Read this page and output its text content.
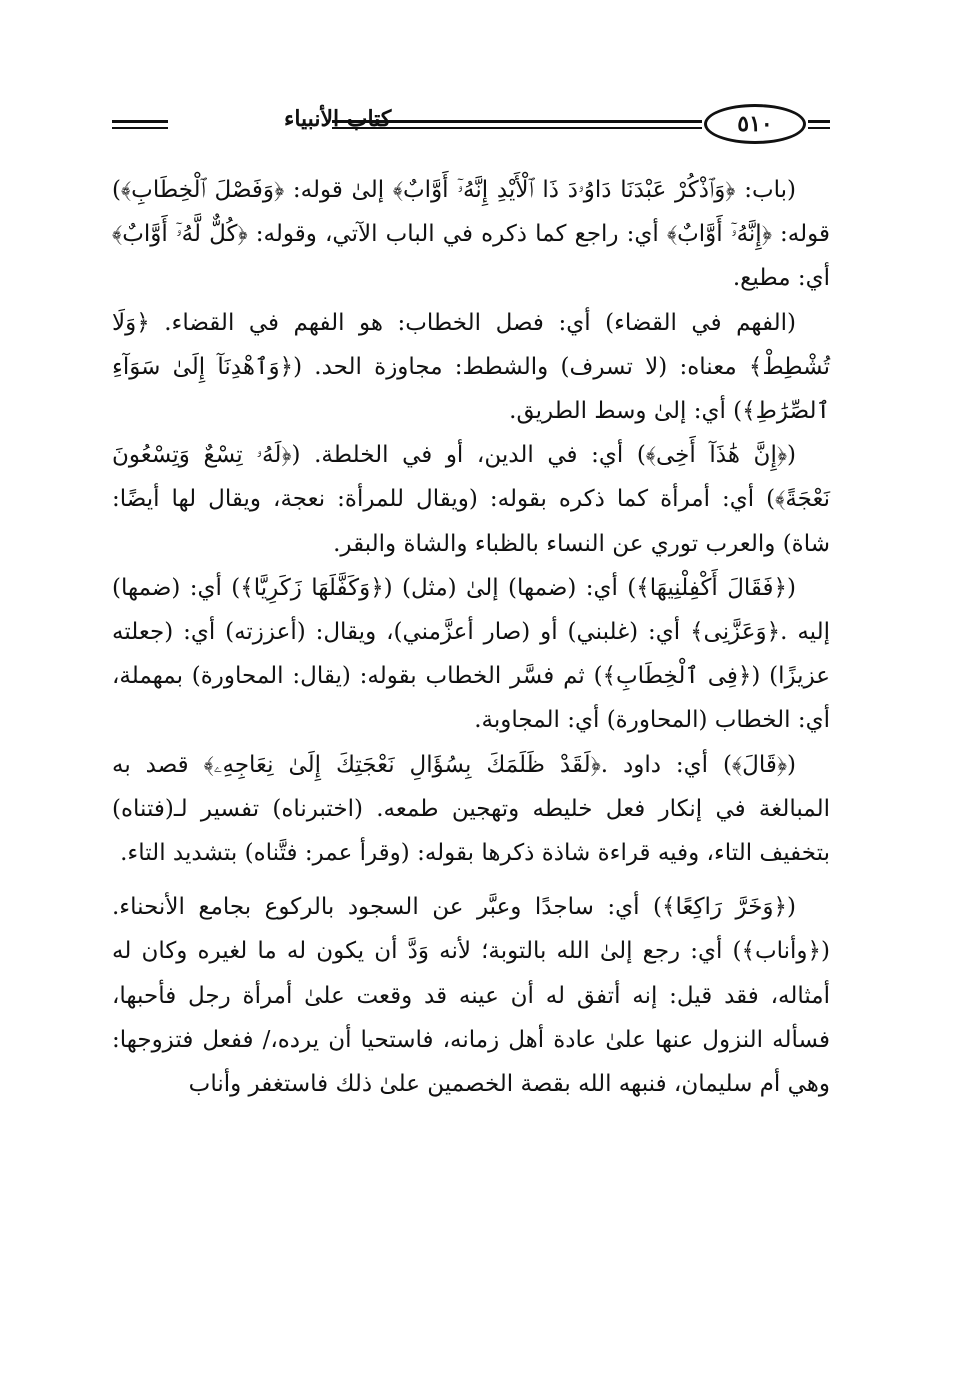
كتاب الأنبياء	٥١٠

(باب: ﴿وَٱذْكُرْ عَبْدَنَا دَاوُۥدَ ذَا ٱلْأَيْدِ إِنَّهُۥٓ أَوَّابٌ﴾ إلىٰ قوله: ﴿وَفَصْلَ ٱلْخِطَابِ﴾) قوله: ﴿إِنَّهُۥٓ أَوَّابٌ﴾ أي: راجع كما ذكره في الباب الآتي، وقوله: ﴿كُلٌّ لَّهُۥٓ أَوَّابٌ﴾ أي: مطيع.

(الفهم في القضاء) أي: فصل الخطاب: هو الفهم في القضاء. ﴿وَلَا تُشْطِطْ﴾ معناه: (لا تسرف) والشطط: مجاوزة الحد. (﴿وَٱهْدِنَآ إِلَىٰ سَوَآءِ ٱلصِّرَٰطِ﴾) أي: إلىٰ وسط الطريق.

(﴿إِنَّ هَٰذَآ أَخِى﴾) أي: في الدين، أو في الخلطة. (﴿لَهُۥ تِسْعٌ وَتِسْعُونَ نَعْجَةً﴾) أي: أمرأة كما ذكره بقوله: (ويقال للمرأة: نعجة، ويقال لها أيضًا: شاة) والعرب توري عن النساء بالظباء والشاة والبقر.

(﴿فَقَالَ أَكْفِلْنِيهَا﴾) أي: (ضمها) إلىٰ (مثل) (﴿وَكَفَّلَهَا زَكَرِيَّا﴾) أي: (ضمها) إليه .﴿وَعَزَّنِى﴾ أي: (غلبني) أو (صار أعزَّمني)، ويقال: (أعززته) أي: (جعلته عزيزًا) (﴿فِى ٱلْخِطَابِ﴾) ثم فسَّر الخطاب بقوله: (يقال: المحاورة) بمهملة، أي: الخطاب (المحاورة) أي: المجاوبة.

(﴿قَالَ﴾) أي: داود .﴿لَقَدْ ظَلَمَكَ بِسُؤَالِ نَعْجَتِكَ إِلَىٰ نِعَاجِهِۦ﴾ قصد به المبالغة في إنكار فعل خليطه وتهجين طمعه. (اختبرناه) تفسير لـ(فتناه) بتخفيف التاء، وفيه قراءة شاذة ذكرها بقوله: (وقرأ عمر: فتَّناه) بتشديد التاء.

(﴿وَخَرَّ رَاكِعًا﴾) أي: ساجدًا وعبَّر عن السجود بالركوع بجامع الأنحناء. (﴿وأناب﴾) أي: رجع إلىٰ الله بالتوبة؛ لأنه وَدَّ أن يكون له ما لغيره وكان له أمثاله، فقد قيل: إنه أتفق له أن عينه قد وقعت علىٰ أمرأة رجل فأحبها، فسأله النزول عنها علىٰ عادة أهل زمانه، فاستحيا أن يرده،/ ففعل فتزوجها: وهي أم سليمان، فنبهه الله بقصة الخصمين علىٰ ذلك فاستغفر وأناب
